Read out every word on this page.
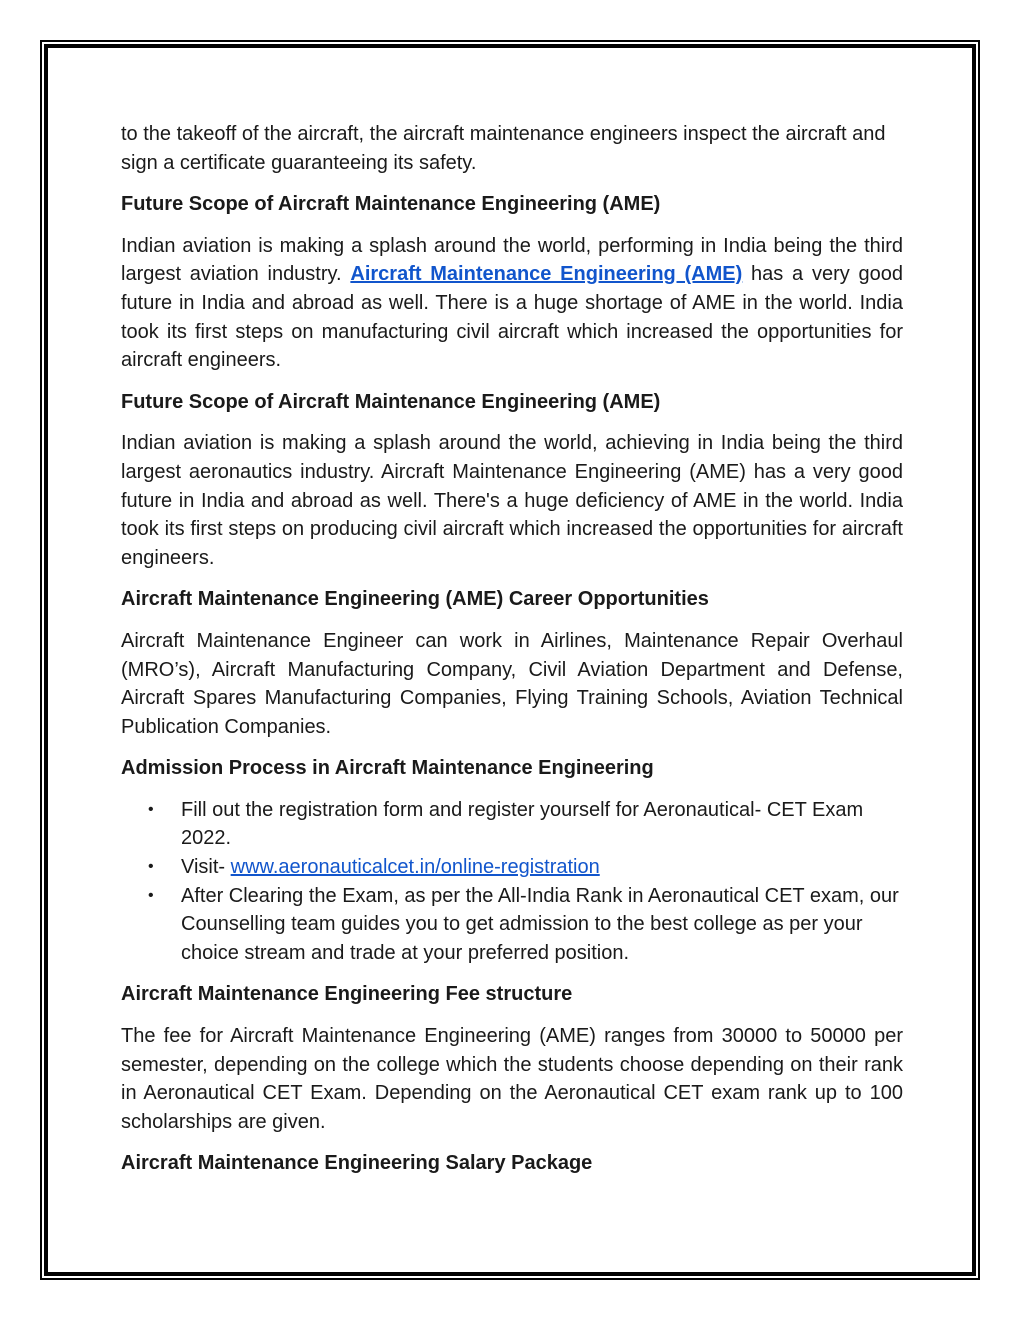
to the takeoff of the aircraft, the aircraft maintenance engineers inspect the aircraft and sign a certificate guaranteeing its safety.

Future Scope of Aircraft Maintenance Engineering (AME)

Indian aviation is making a splash around the world, performing in India being the third largest aviation industry. Aircraft Maintenance Engineering (AME) has a very good future in India and abroad as well. There is a huge shortage of AME in the world. India took its first steps on manufacturing civil aircraft which increased the opportunities for aircraft engineers.

Future Scope of Aircraft Maintenance Engineering (AME)

Indian aviation is making a splash around the world, achieving in India being the third largest aeronautics industry. Aircraft Maintenance Engineering (AME) has a very good future in India and abroad as well. There's a huge deficiency of AME in the world. India took its first steps on producing civil aircraft which increased the opportunities for aircraft engineers.

Aircraft Maintenance Engineering (AME) Career Opportunities

Aircraft Maintenance Engineer can work in Airlines, Maintenance Repair Overhaul (MRO’s), Aircraft Manufacturing Company, Civil Aviation Department and Defense, Aircraft Spares Manufacturing Companies, Flying Training Schools, Aviation Technical Publication Companies.

Admission Process in Aircraft Maintenance Engineering
• Fill out the registration form and register yourself for Aeronautical- CET Exam 2022.
• Visit- www.aeronauticalcet.in/online-registration
• After Clearing the Exam, as per the All-India Rank in Aeronautical CET exam, our Counselling team guides you to get admission to the best college as per your choice stream and trade at your preferred position.
Aircraft Maintenance Engineering Fee structure

The fee for Aircraft Maintenance Engineering (AME) ranges from 30000 to 50000 per semester, depending on the college which the students choose depending on their rank in Aeronautical CET Exam. Depending on the Aeronautical CET exam rank up to 100 scholarships are given.

Aircraft Maintenance Engineering Salary Package
